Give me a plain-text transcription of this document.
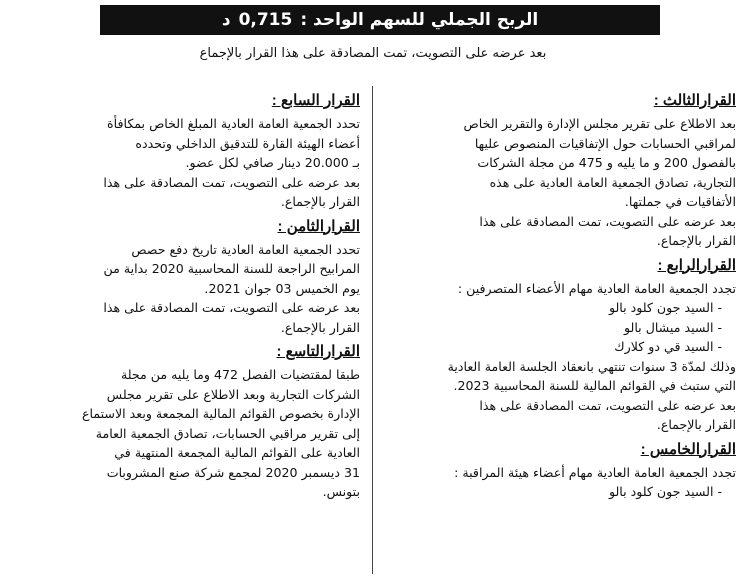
الربح الجملي للسهم الواحد :
0,715
د
بعد عرضه على التصويت، تمت المصادقة على هذا القرار بالإجماع
القرارالثالث :

بعد الاطلاع على تقرير مجلس الإدارة والتقرير الخاص

لمراقبي الحسابات حول الإتفاقيات المنصوص عليها

بالفصول 200 و ما يليه و 475 من مجلة الشركات

التجارية، تصادق الجمعية العامة العادية على هذه

الأتفاقيات في جملتها.

بعد عرضه على التصويت، تمت المصادقة على هذا

القرار بالإجماع.

القرارالرابع :

تجدد الجمعية العامة العادية مهام الأعضاء المتصرفين :

- السيد جون كلود بالو

- السيد ميشال بالو

- السيد قي دو كلارك

وذلك لمدّة 3 سنوات تنتهي بانعقاد الجلسة العامة العادية

التي ستبث في القوائم المالية للسنة المحاسبية 2023.

بعد عرضه على التصويت، تمت المصادقة على هذا

القرار بالإجماع.

القرارالخامس :

تجدد الجمعية العامة العادية مهام أعضاء هيئة المراقبة :

- السيد جون كلود بالو

القرار السابع :

تحدد الجمعية العامة العادية المبلغ الخاص بمكافأة

أعضاء الهيئة القارة للتدقيق الداخلي وتحدده

بـ 20.000 دينار صافي لكل عضو.

بعد عرضه على التصويت، تمت المصادقة على هذا

القرار بالإجماع.

القرارالثامن :

تحدد الجمعية العامة العادية تاريخ دفع حصص

المرابيح الراجعة للسنة المحاسبية 2020 بداية من

يوم الخميس 03 جوان 2021.

بعد عرضه على التصويت، تمت المصادقة على هذا

القرار بالإجماع.

القرارالتاسع :

طبقا لمقتضيات الفصل 472 وما يليه من مجلة

الشركات التجارية وبعد الاطلاع على تقرير مجلس

الإدارة بخصوص القوائم المالية المجمعة وبعد الاستماع

إلى تقرير مراقبي الحسابات، تصادق الجمعية العامة

العادية على القوائم المالية المجمعة المنتهية في

31 ديسمبر 2020 لمجمع شركة صنع المشروبات

بتونس.
